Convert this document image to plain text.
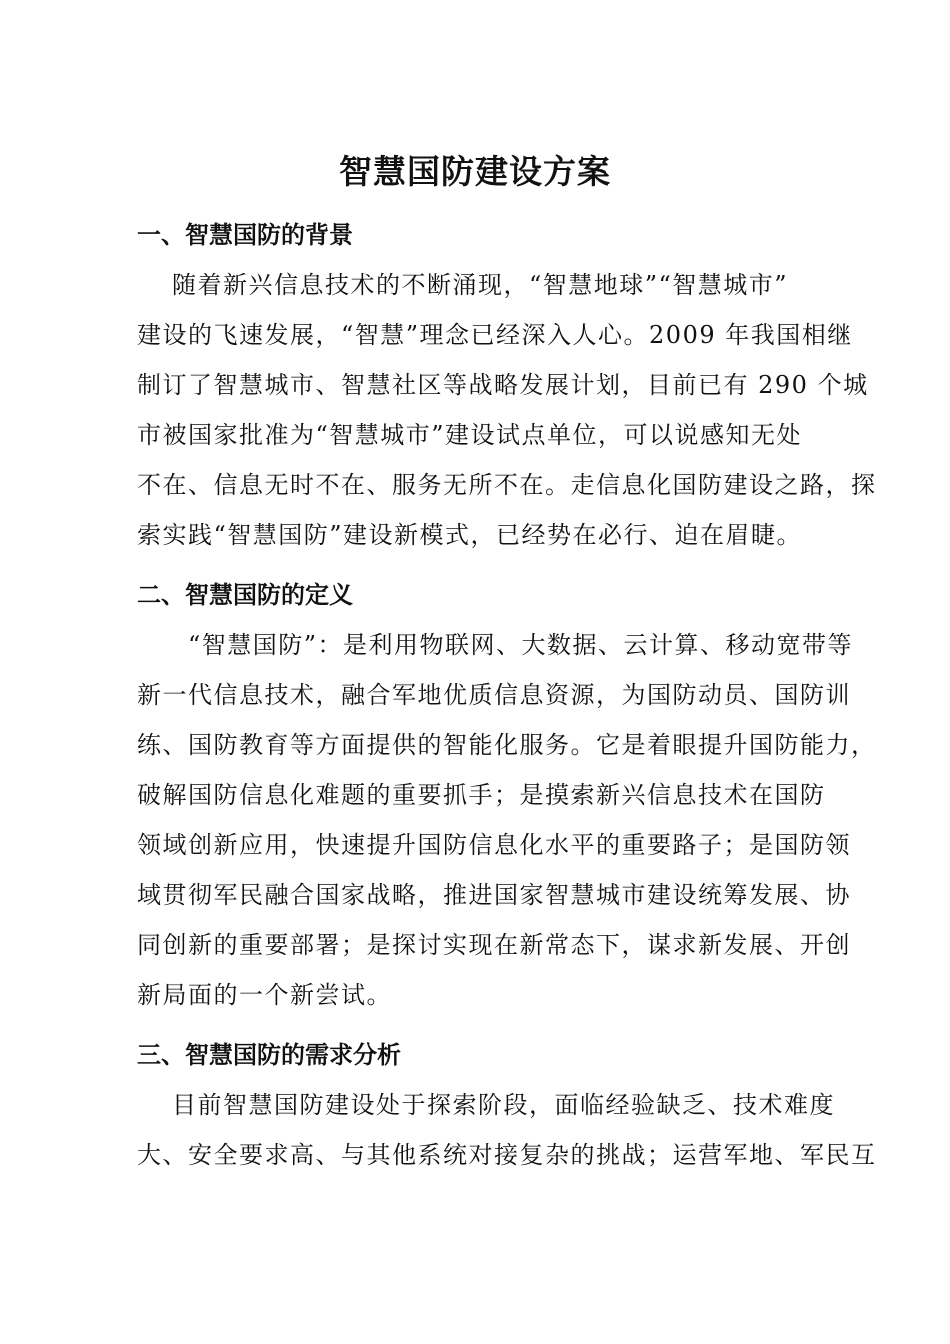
智慧国防建设方案
一、智慧国防的背景
随着新兴信息技术的不断涌现，“智慧地球”“智慧城市”
建设的飞速发展，“智慧”理念已经深入人心。2009 年我国相继
制订了智慧城市、智慧社区等战略发展计划，目前已有 290 个城
市被国家批准为“智慧城市”建设试点单位，可以说感知无处
不在、信息无时不在、服务无所不在。走信息化国防建设之路，探
索实践“智慧国防”建设新模式，已经势在必行、迫在眉睫。
二、智慧国防的定义
“智慧国防”：是利用物联网、大数据、云计算、移动宽带等
新一代信息技术，融合军地优质信息资源，为国防动员、国防训
练、国防教育等方面提供的智能化服务。它是着眼提升国防能力，
破解国防信息化难题的重要抓手；是摸索新兴信息技术在国防
领域创新应用，快速提升国防信息化水平的重要路子；是国防领
域贯彻军民融合国家战略，推进国家智慧城市建设统筹发展、协
同创新的重要部署；是探讨实现在新常态下，谋求新发展、开创
新局面的一个新尝试。
三、智慧国防的需求分析
目前智慧国防建设处于探索阶段，面临经验缺乏、技术难度
大、安全要求高、与其他系统对接复杂的挑战；运营军地、军民互
